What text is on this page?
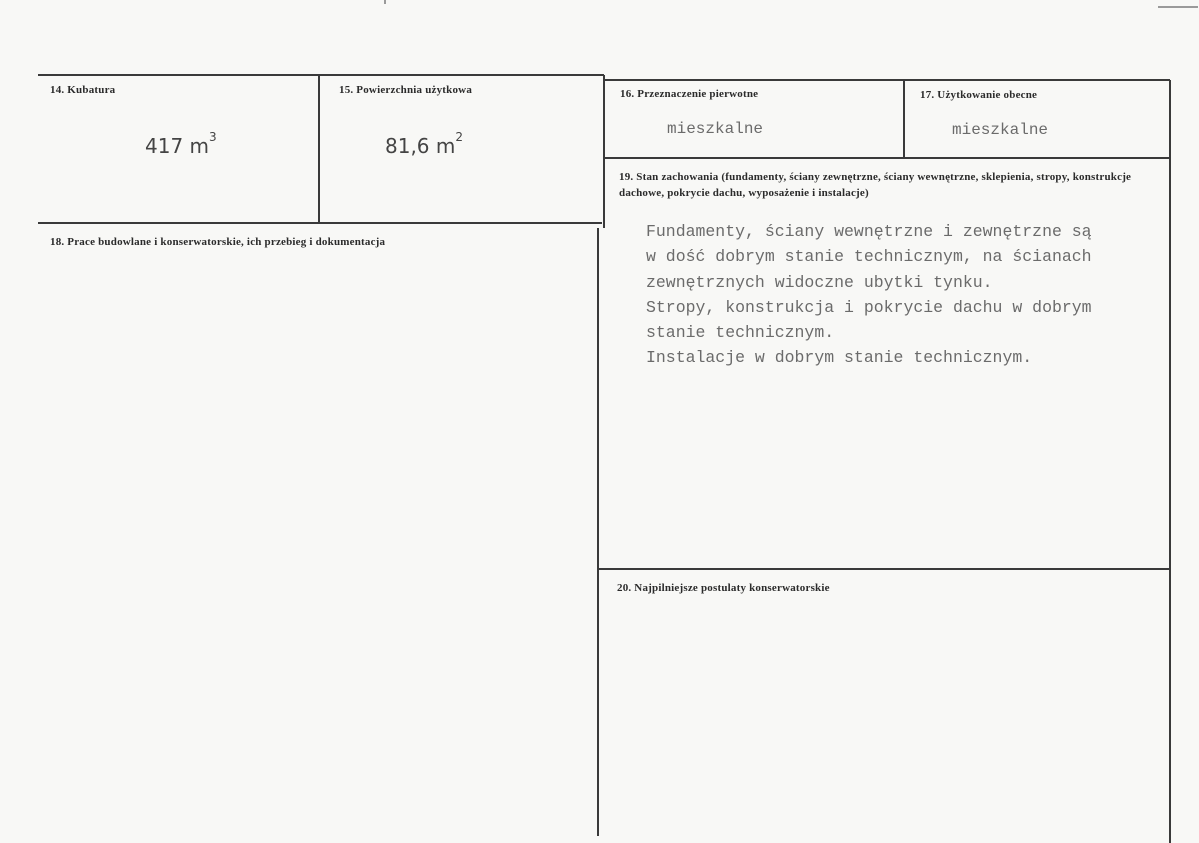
14. Kubatura
417 $m^3$
15. Powierzchnia użytkowa
81,6 $m^2$
16. Przeznaczenie pierwotne
mieszkalne
17. Użytkowanie obecne
mieszkalne
18. Prace budowlane i konserwatorskie, ich przebieg i dokumentacja
19. Stan zachowania (fundamenty, ściany zewnętrzne, ściany wewnętrzne, sklepienia, stropy, konstrukcje dachowe, pokrycie dachu, wyposażenie i instalacje)
Fundamenty, ściany wewnętrzne i zewnętrzne są
w dość dobrym stanie technicznym, na ścianach
zewnętrznych widoczne ubytki tynku.
Stropy, konstrukcja i pokrycie dachu w dobrym
stanie technicznym.
Instalacje w dobrym stanie technicznym.
20. Najpilniejsze postulaty konserwatorskie
